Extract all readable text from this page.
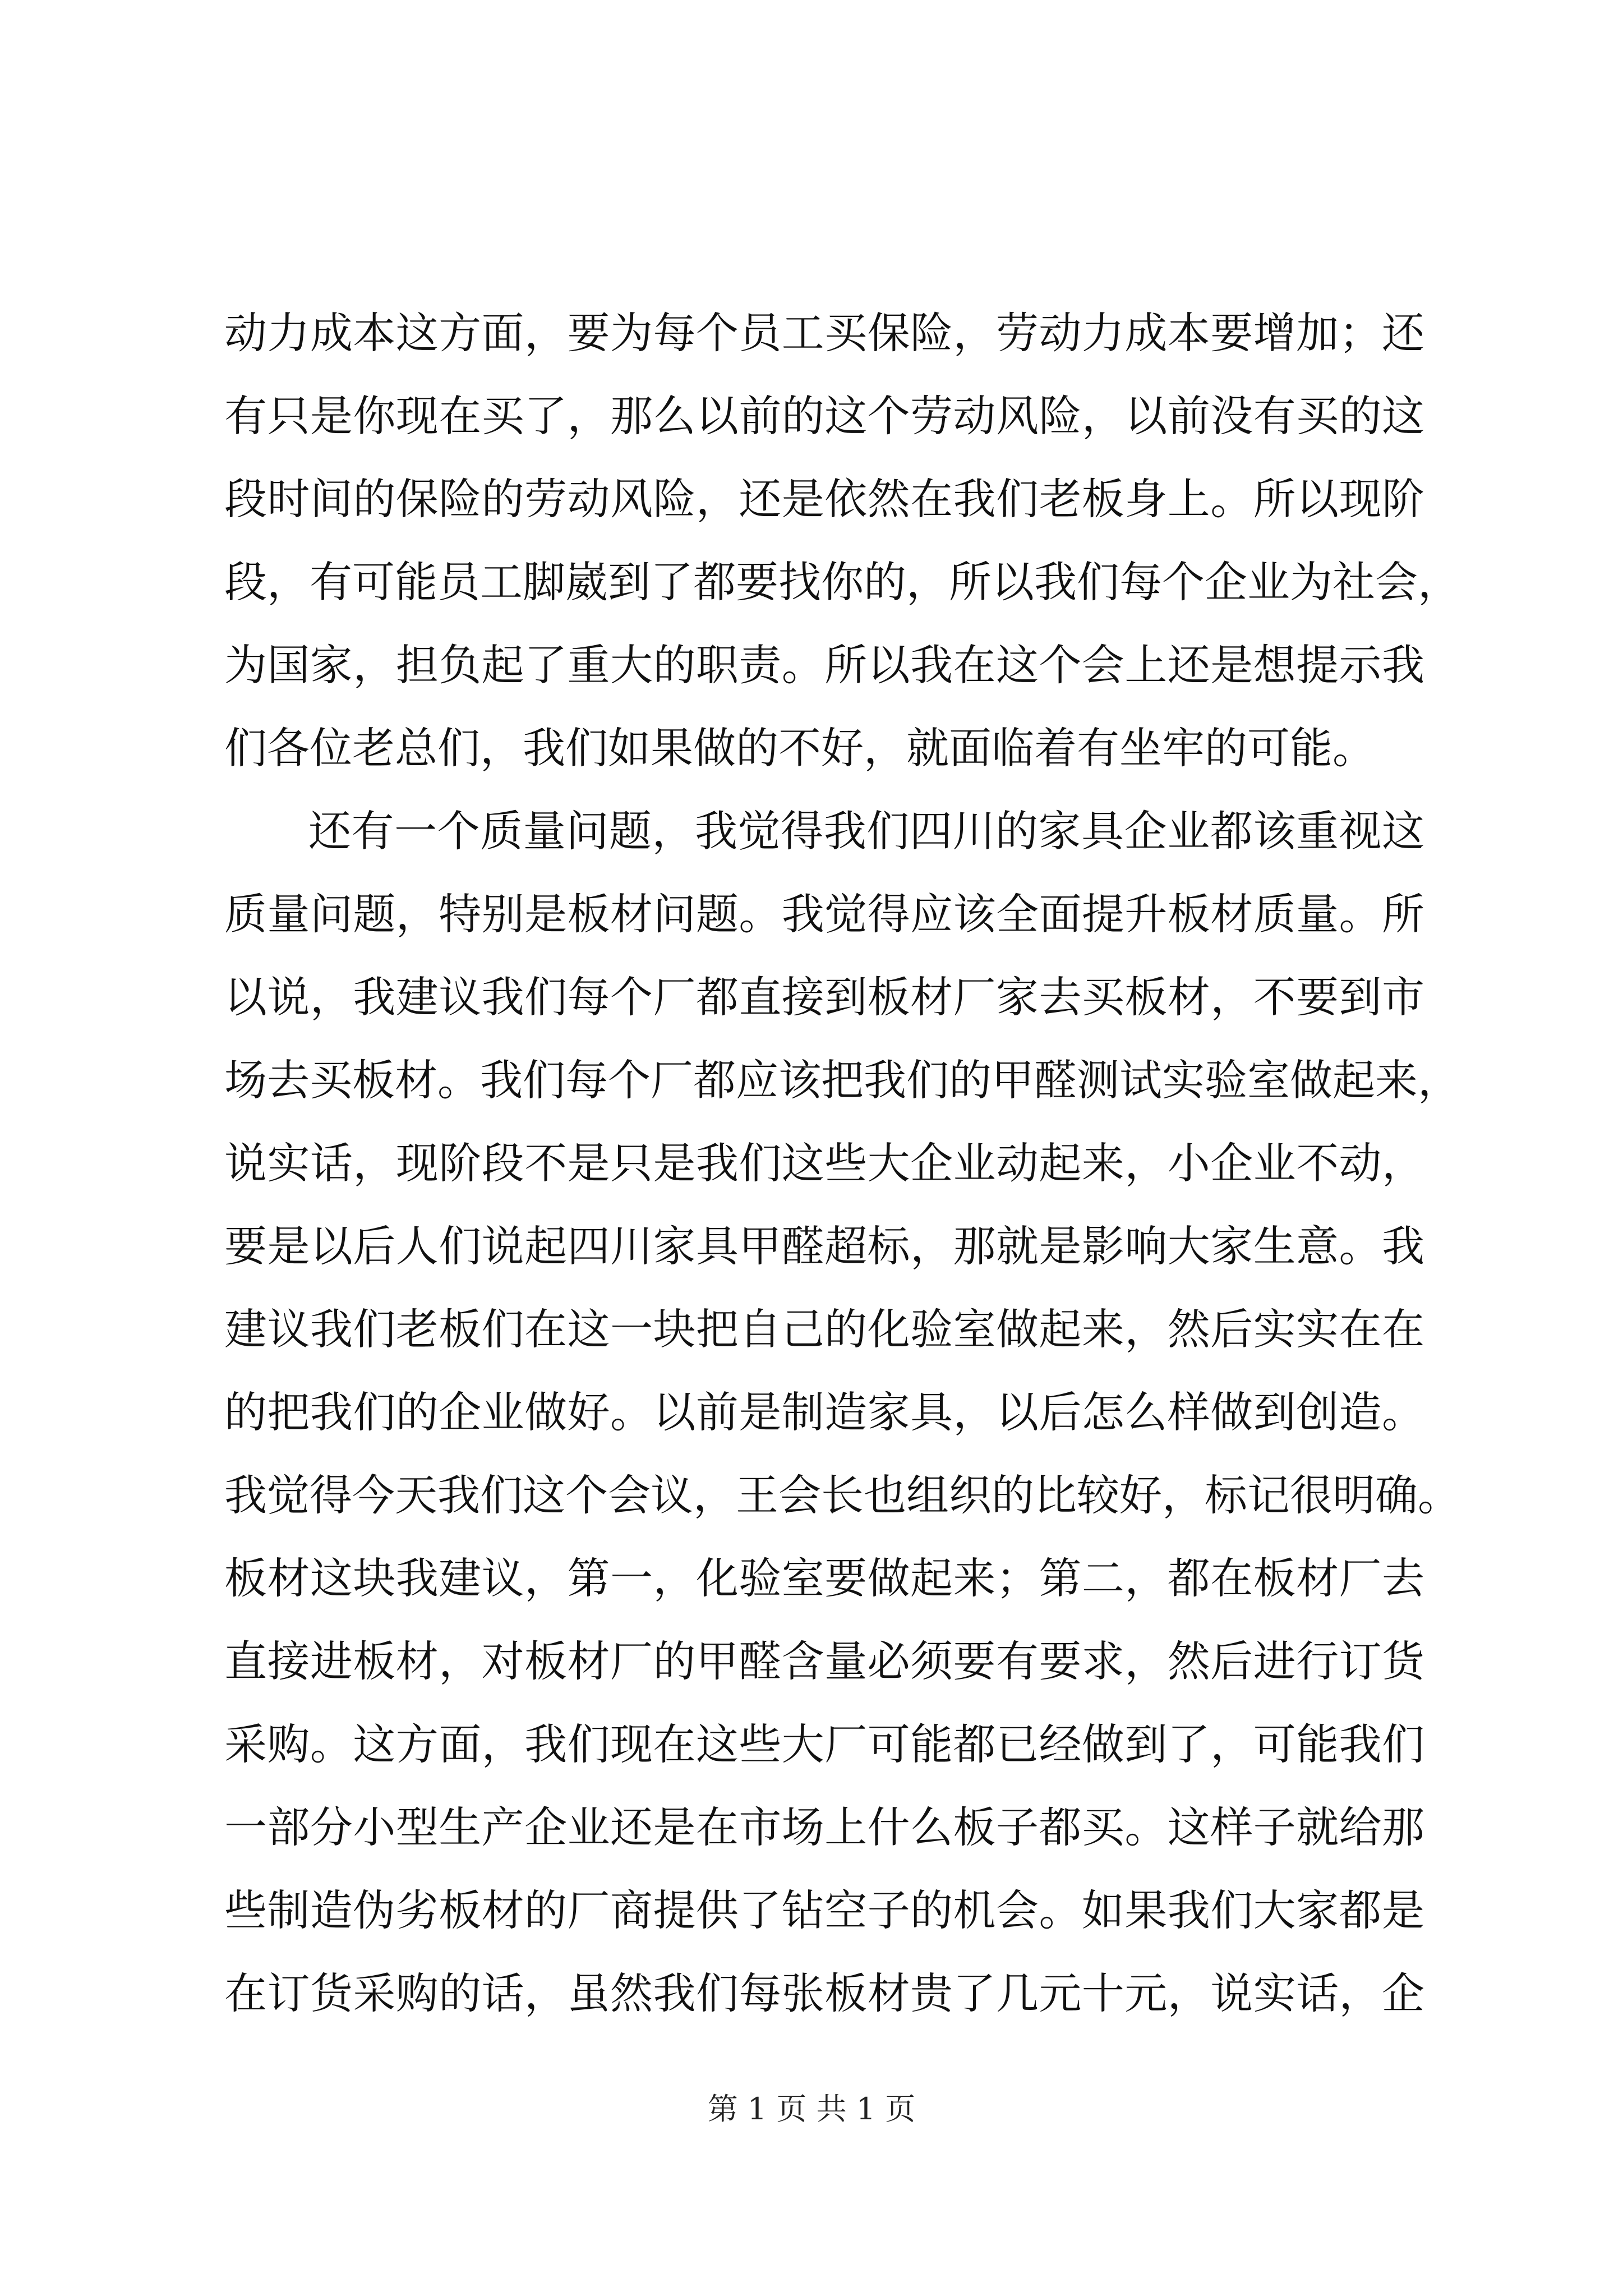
动力成本这方面，要为每个员工买保险，劳动力成本要增加；还
有只是你现在买了，那么以前的这个劳动风险，以前没有买的这
段时间的保险的劳动风险，还是依然在我们老板身上。所以现阶
段，有可能员工脚崴到了都要找你的，所以我们每个企业为社会，
为国家，担负起了重大的职责。所以我在这个会上还是想提示我
们各位老总们，我们如果做的不好，就面临着有坐牢的可能。
还有一个质量问题，我觉得我们四川的家具企业都该重视这
质量问题，特别是板材问题。我觉得应该全面提升板材质量。所
以说，我建议我们每个厂都直接到板材厂家去买板材，不要到市
场去买板材。我们每个厂都应该把我们的甲醛测试实验室做起来，
说实话，现阶段不是只是我们这些大企业动起来，小企业不动，
要是以后人们说起四川家具甲醛超标，那就是影响大家生意。我
建议我们老板们在这一块把自己的化验室做起来，然后实实在在
的把我们的企业做好。以前是制造家具，以后怎么样做到创造。
我觉得今天我们这个会议，王会长也组织的比较好，标记很明确。
板材这块我建议，第一，化验室要做起来；第二，都在板材厂去
直接进板材，对板材厂的甲醛含量必须要有要求，然后进行订货
采购。这方面，我们现在这些大厂可能都已经做到了，可能我们
一部分小型生产企业还是在市场上什么板子都买。这样子就给那
些制造伪劣板材的厂商提供了钻空子的机会。如果我们大家都是
在订货采购的话，虽然我们每张板材贵了几元十元，说实话，企
第 1 页 共 1 页
